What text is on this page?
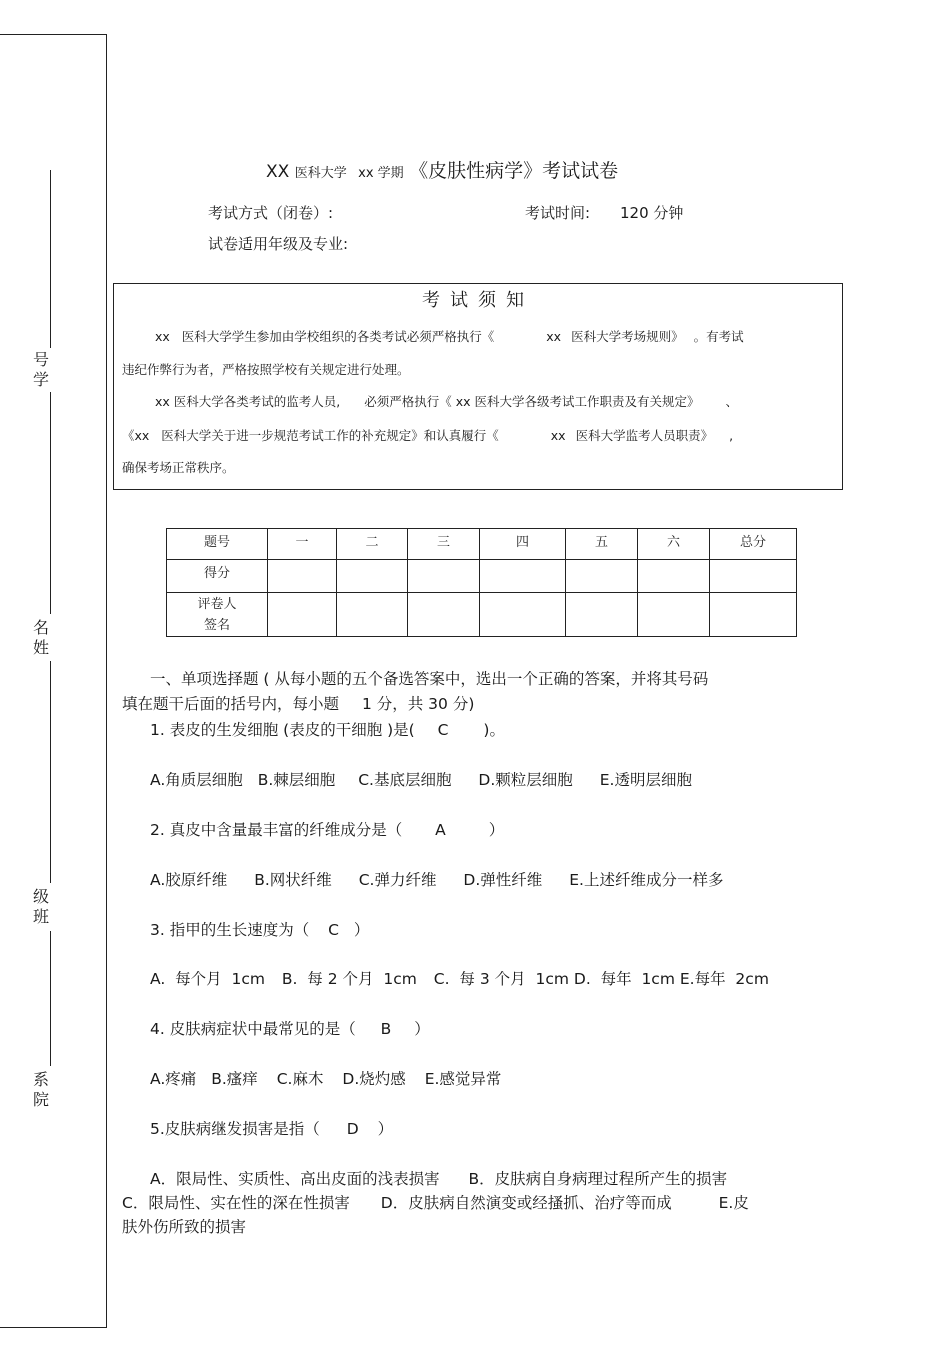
号学
名姓
级班
系院
XX 医科大学 xx 学期 《皮肤性病学》考试试卷
考试方式（闭卷）:	考试时间: 120 分钟
试卷适用年级及专业:
考试须知
xx 医科大学学生参加由学校组织的各类考试必须严格执行《	xx 医科大学考场规则》 。有考试
违纪作弊行为者，严格按照学校有关规定进行处理。
xx 医科大学各类考试的监考人员, 必须严格执行《 xx 医科大学各级考试工作职责及有关规定》 、
《xx 医科大学关于进一步规范考试工作的补充规定》和认真履行《	xx 医科大学监考人员职责》 ,
确保考场正常秩序。
题号	一	二	三	四	五	六	总分
得分							

评卷人
签名							

一、单项选择题 ( 从每小题的五个备选答案中，选出一个正确的答案，并将其号码
填在题干后面的括号内，每小题 1 分，共 30 分)
1. 表皮的生发细胞 (表皮的干细胞 )是( C )。
A.角质层细胞 B.棘层细胞 C.基底层细胞 D.颗粒层细胞 E.透明层细胞
2. 真皮中含量最丰富的纤维成分是（ A	）
A.胶原纤维 B.网状纤维 C.弹力纤维 D.弹性纤维 E.上述纤维成分一样多
3. 指甲的生长速度为（ C ）
A.  每个月  1cm B.  每 2 个月  1cm C.  每 3 个月  1cm D.  每年  1cm E.每年  2cm
4. 皮肤病症状中最常见的是（ B ）
A.疼痛 B.瘙痒 C.麻木 D.烧灼感 E.感觉异常
5.皮肤病继发损害是指（ D ）
A．限局性、实质性、高出皮面的浅表损害 B．皮肤病自身病理过程所产生的损害
C．限局性、实在性的深在性损害 D．皮肤病自然演变或经搔抓、治疗等而成	E.皮
肤外伤所致的损害
